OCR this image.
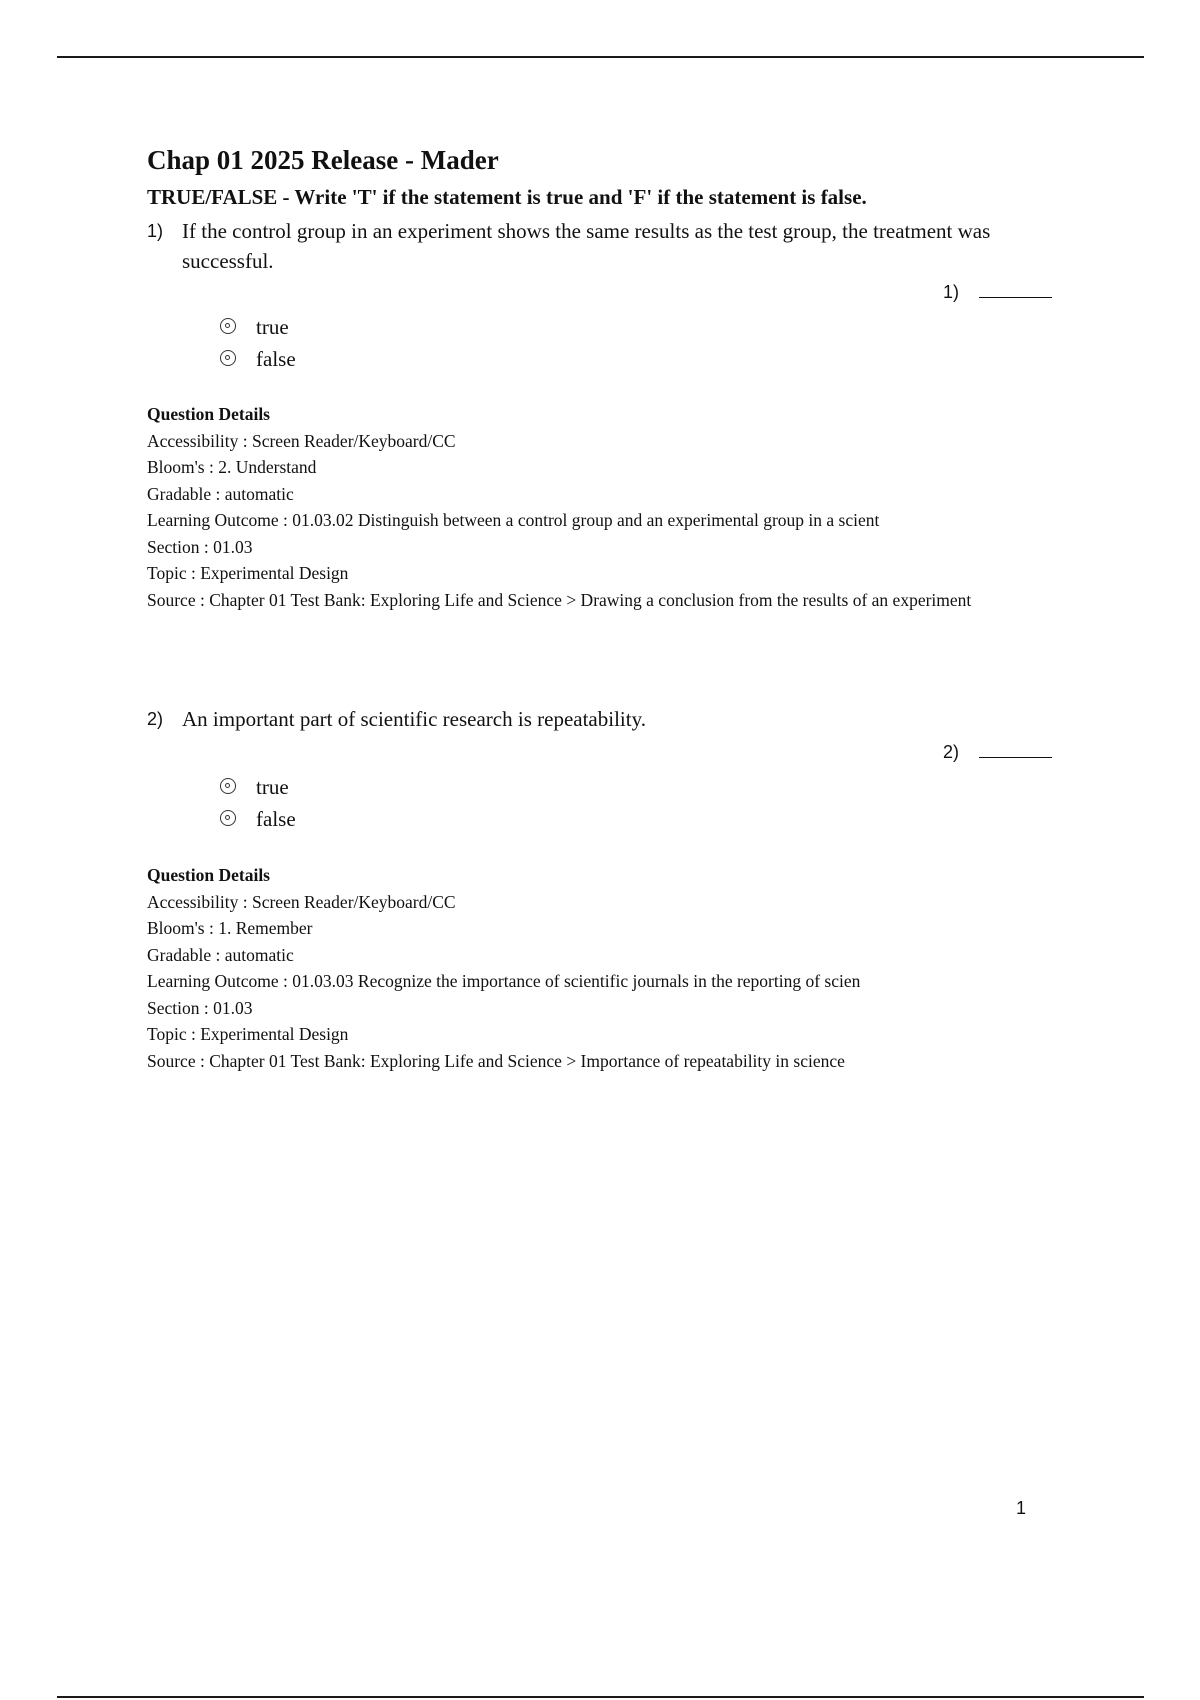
Chap 01 2025 Release - Mader
TRUE/FALSE - Write 'T' if the statement is true and 'F' if the statement is false.
1) If the control group in an experiment shows the same results as the test group, the treatment was successful.
1)
true
false
Question Details
Accessibility : Screen Reader/Keyboard/CC
Bloom's : 2. Understand
Gradable : automatic
Learning Outcome : 01.03.02 Distinguish between a control group and an experimental group in a scient
Section : 01.03
Topic : Experimental Design
Source : Chapter 01 Test Bank: Exploring Life and Science > Drawing a conclusion from the results of an experiment
2) An important part of scientific research is repeatability.
2)
true
false
Question Details
Accessibility : Screen Reader/Keyboard/CC
Bloom's : 1. Remember
Gradable : automatic
Learning Outcome : 01.03.03 Recognize the importance of scientific journals in the reporting of scien
Section : 01.03
Topic : Experimental Design
Source : Chapter 01 Test Bank: Exploring Life and Science > Importance of repeatability in science
1
